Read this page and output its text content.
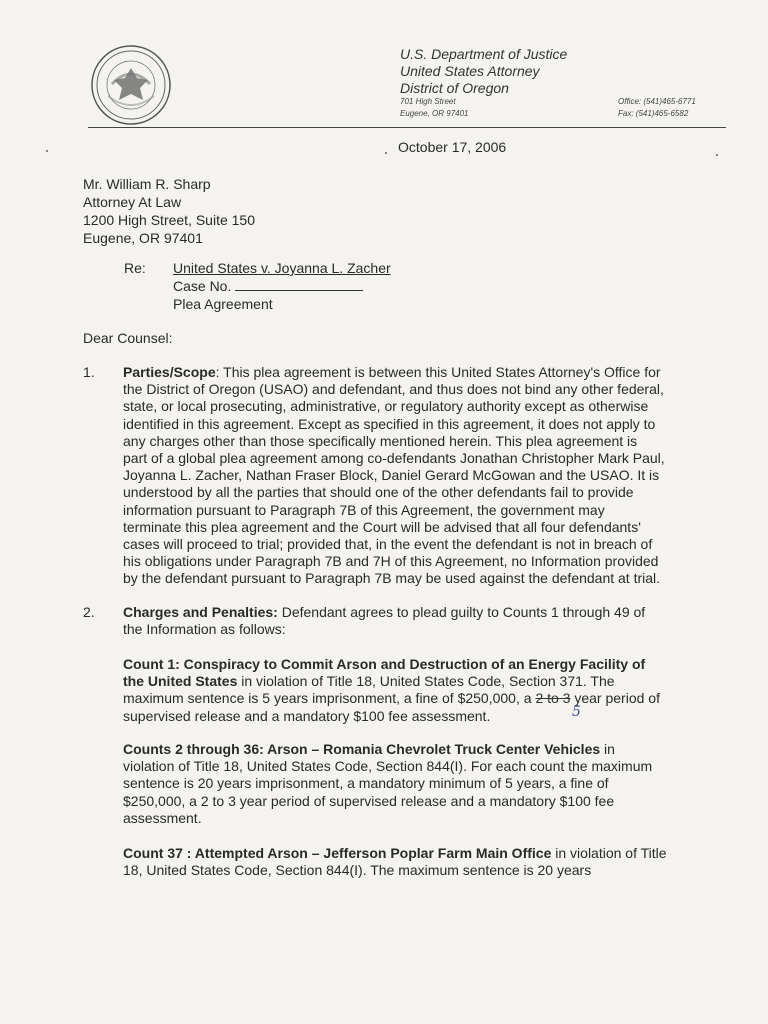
U.S. Department of Justice
United States Attorney
District of Oregon
701 High Street	Office: (541)465-6771
Eugene, OR 97401	Fax: (541)465-6582
October 17, 2006
Mr. William R. Sharp
Attorney At Law
1200 High Street, Suite 150
Eugene, OR 97401
Re: United States v. Joyanna L. Zacher
Case No.
Plea Agreement
Dear Counsel:
1. Parties/Scope: This plea agreement is between this United States Attorney's Office for
the District of Oregon (USAO) and defendant, and thus does not bind any other federal,
state, or local prosecuting, administrative, or regulatory authority except as otherwise
identified in this agreement. Except as specified in this agreement, it does not apply to
any charges other than those specifically mentioned herein. This plea agreement is
part of a global plea agreement among co-defendants Jonathan Christopher Mark Paul,
Joyanna L. Zacher, Nathan Fraser Block, Daniel Gerard McGowan and the USAO. It is
understood by all the parties that should one of the other defendants fail to provide
information pursuant to Paragraph 7B of this Agreement, the government may
terminate this plea agreement and the Court will be advised that all four defendants'
cases will proceed to trial; provided that, in the event the defendant is not in breach of
his obligations under Paragraph 7B and 7H of this Agreement, no Information provided
by the defendant pursuant to Paragraph 7B may be used against the defendant at trial.
2. Charges and Penalties: Defendant agrees to plead guilty to Counts 1 through 49 of
the Information as follows:
Count 1: Conspiracy to Commit Arson and Destruction of an Energy Facility of
the United States in violation of Title 18, United States Code, Section 371. The
maximum sentence is 5 years imprisonment, a fine of $250,000, a 2 to 3 year period of
supervised release and a mandatory $100 fee assessment.	5
Counts 2 through 36: Arson – Romania Chevrolet Truck Center Vehicles in
violation of Title 18, United States Code, Section 844(I). For each count the maximum
sentence is 20 years imprisonment, a mandatory minimum of 5 years, a fine of
$250,000, a 2 to 3 year period of supervised release and a mandatory $100 fee
assessment.
Count 37 : Attempted Arson – Jefferson Poplar Farm Main Office in violation of Title
18, United States Code, Section 844(I). The maximum sentence is 20 years
